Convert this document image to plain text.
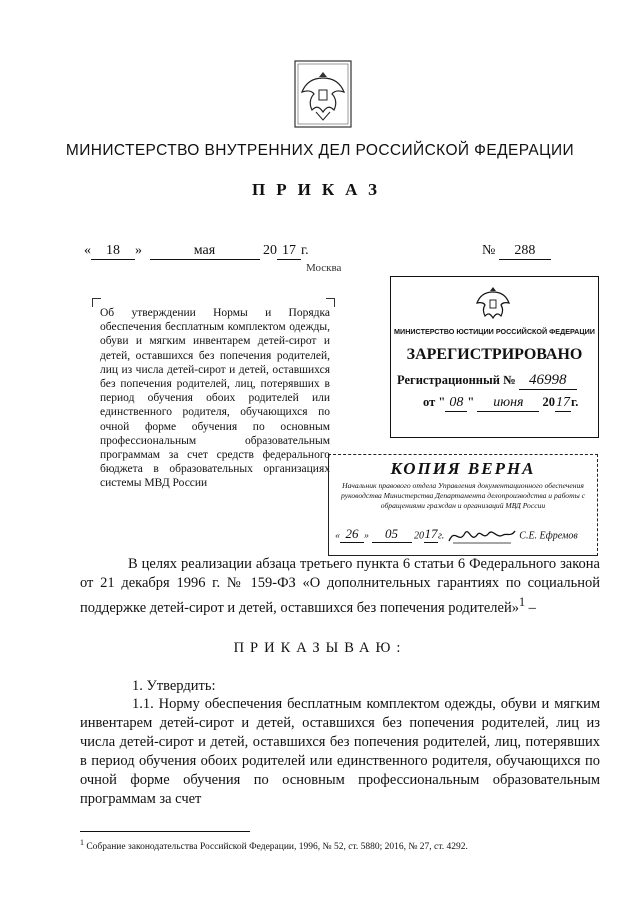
МИНИСТЕРСТВО ВНУТРЕННИХ ДЕЛ РОССИЙСКОЙ ФЕДЕРАЦИИ
ПРИКАЗ
« 18 »	мая	20 17 г.	№ 288
Москва
Об утверждении Нормы и Порядка обеспечения бесплатным комплектом одежды, обуви и мягким инвентарем детей-сирот и детей, оставшихся без попечения родителей, лиц из числа детей-сирот и детей, оставшихся без попечения родителей, лиц, потерявших в период обучения обоих родителей или единственного родителя, обучающихся по очной форме обучения по основным профессиональным образовательным программам за счет средств федерального бюджета в образовательных организациях системы МВД России
МИНИСТЕРСТВО ЮСТИЦИИ РОССИЙСКОЙ ФЕДЕРАЦИИ
ЗАРЕГИСТРИРОВАНО
Регистрационный № 46998
от " 08 " июня 2017г.
КОПИЯ ВЕРНА
Начальник правового отдела Управления документационного обеспечения руководства Министерства Департамента делопроизводства и работы с обращениями граждан и организаций МВД России
« 26 » 05 2017г.	С.Е. Ефремов
В целях реализации абзаца третьего пункта 6 статьи 6 Федерального закона от 21 декабря 1996 г. № 159-ФЗ «О дополнительных гарантиях по социальной поддержке детей-сирот и детей, оставшихся без попечения родителей»$^1$ –
ПРИКАЗЫВАЮ:
1. Утвердить:
1.1. Норму обеспечения бесплатным комплектом одежды, обуви и мягким инвентарем детей-сирот и детей, оставшихся без попечения родителей, лиц из числа детей-сирот и детей, оставшихся без попечения родителей, лиц, потерявших в период обучения обоих родителей или единственного родителя, обучающихся по очной форме обучения по основным профессиональным образовательным программам за счет
$^1$ Собрание законодательства Российской Федерации, 1996, № 52, ст. 5880; 2016, № 27, ст. 4292.
